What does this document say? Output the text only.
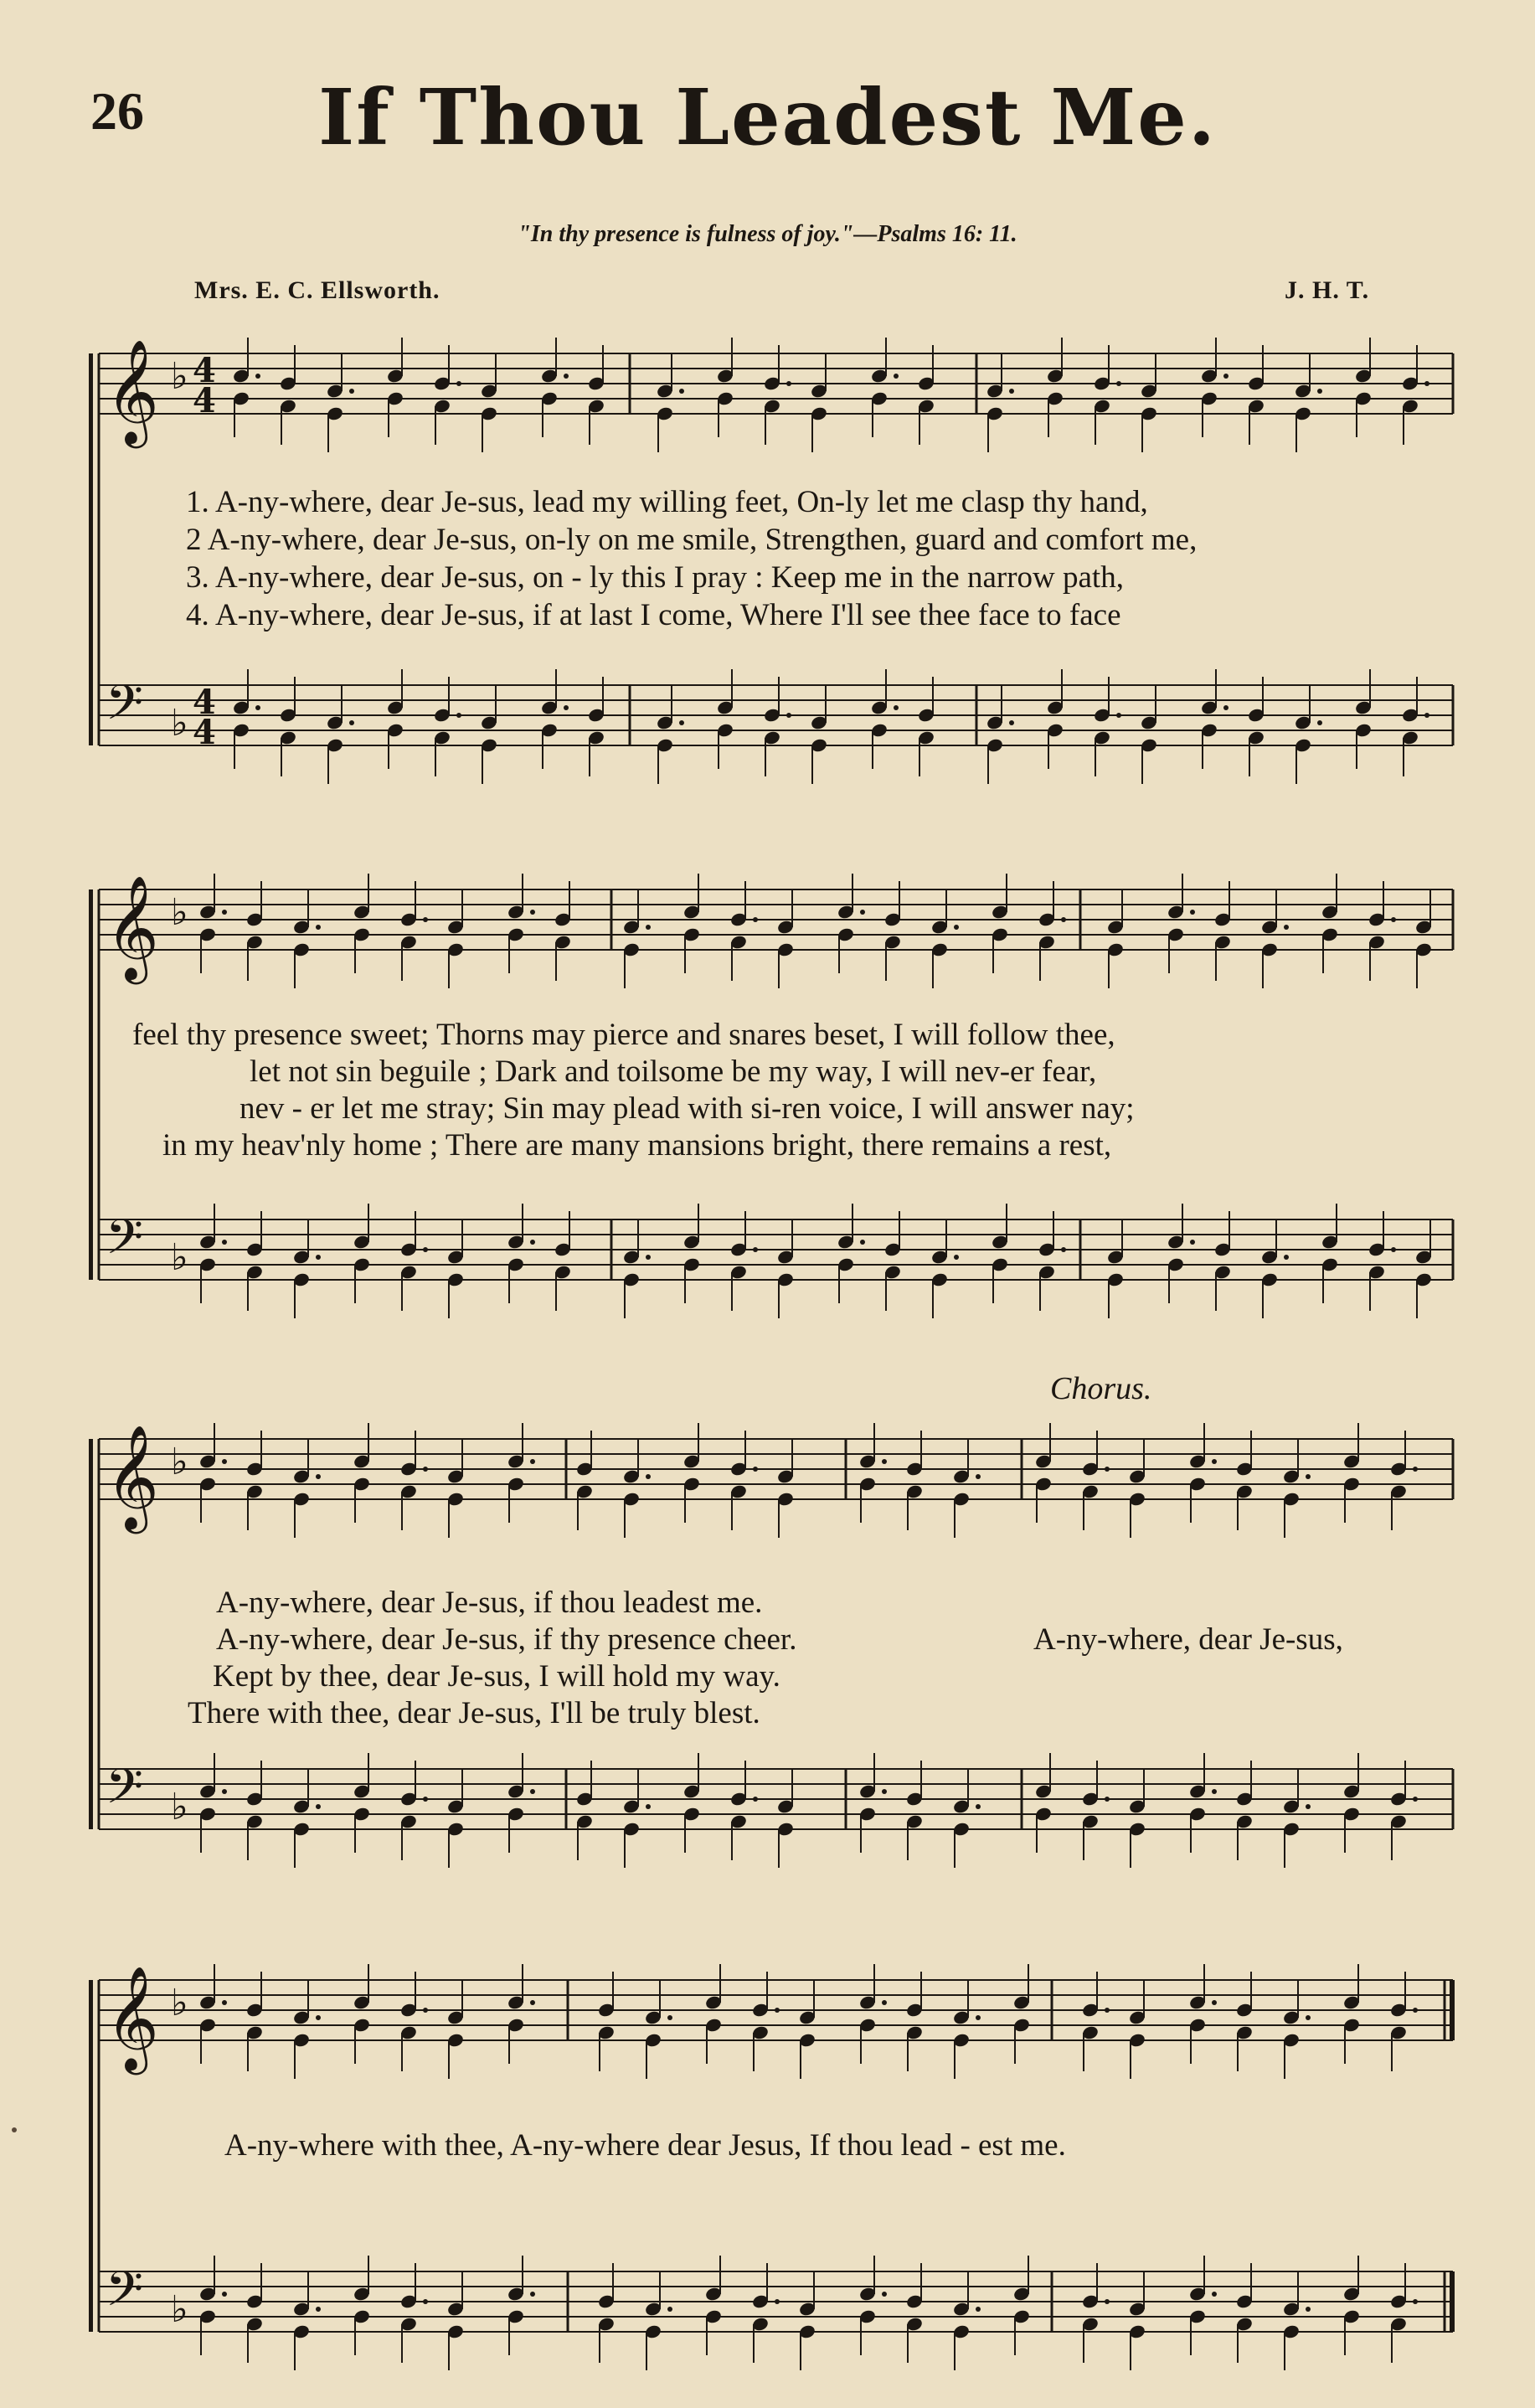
26	If Thou Leadest Me.
"In thy presence is fulness of joy."—Psalms 16: 11.
Mrs. E. C. Ellsworth.	J. H. T.
𝄞 ♭ 4
4
𝄢 ♭ 4
4
𝄞 ♭
𝄢 ♭
𝄞 ♭
𝄢 ♭
𝄞 ♭
𝄢 ♭
1. A-ny-where, dear Je-sus, lead my willing feet, On-ly let me clasp thy hand,
2 A-ny-where, dear Je-sus, on-ly on me smile, Strengthen, guard and comfort me,
3. A-ny-where, dear Je-sus, on - ly this I pray : Keep me in the narrow path,
4. A-ny-where, dear Je-sus, if at last I come, Where I'll see thee face to face
feel thy presence sweet; Thorns may pierce and snares beset, I will follow thee,
let not sin beguile ; Dark and toilsome be my way, I will nev-er fear,
nev - er let me stray; Sin may plead with si-ren voice, I will answer nay;
in my heav'nly home ; There are many mansions bright, there remains a rest,
Chorus.
A-ny-where, dear Je-sus, if thou leadest me.
A-ny-where, dear Je-sus, if thy presence cheer.
Kept by thee, dear Je-sus, I will hold my way.
There with thee, dear Je-sus, I'll be truly blest.
A-ny-where, dear Je-sus,
A-ny-where with thee, A-ny-where dear Jesus, If thou lead - est me.
